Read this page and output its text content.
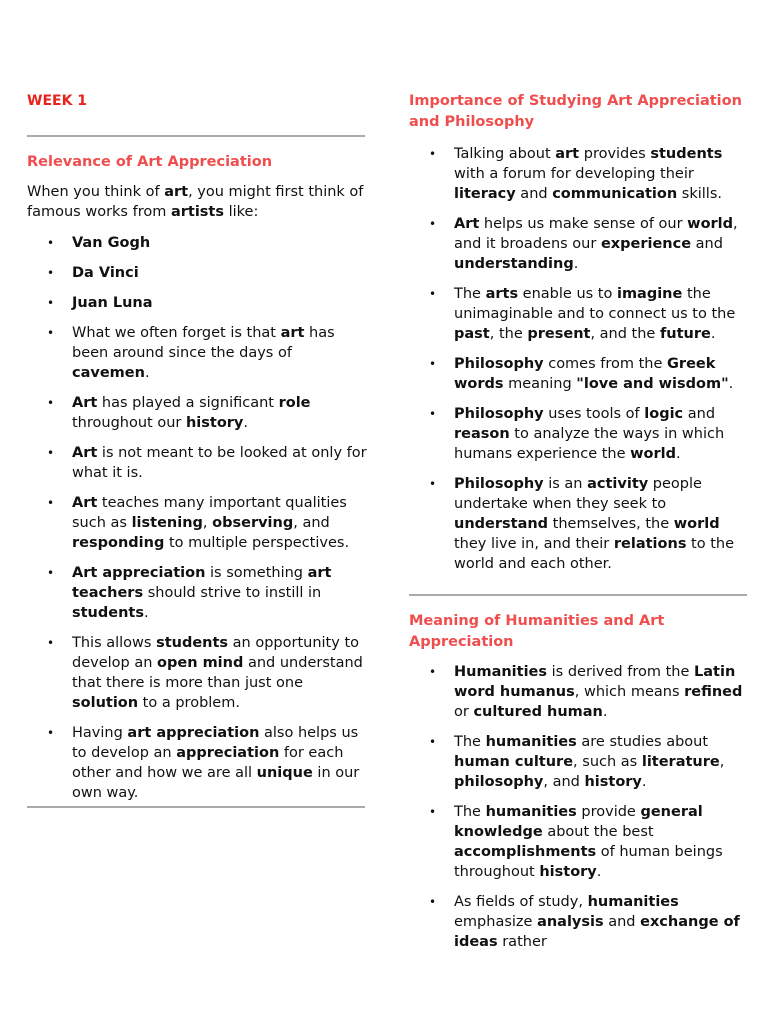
WEEK 1
Relevance of Art Appreciation

When you think of art, you might first think of famous works from artists like:

• Van Gogh
• Da Vinci
• Juan Luna
• What we often forget is that art has been around since the days of cavemen.
• Art has played a significant role throughout our history.
• Art is not meant to be looked at only for what it is.
• Art teaches many important qualities such as listening, observing, and responding to multiple perspectives.
• Art appreciation is something art teachers should strive to instill in students.
• This allows students an opportunity to develop an open mind and understand that there is more than just one solution to a problem.
• Having art appreciation also helps us to develop an appreciation for each other and how we are all unique in our own way.
Importance of Studying Art Appreciation and Philosophy
• Talking about art provides students with a forum for developing their literacy and communication skills.
• Art helps us make sense of our world, and it broadens our experience and understanding.
• The arts enable us to imagine the unimaginable and to connect us to the past, the present, and the future.
• Philosophy comes from the Greek words meaning "love and wisdom".
• Philosophy uses tools of logic and reason to analyze the ways in which humans experience the world.
• Philosophy is an activity people undertake when they seek to understand themselves, the world they live in, and their relations to the world and each other.
Meaning of Humanities and Art Appreciation
• Humanities is derived from the Latin word humanus, which means refined or cultured human.
• The humanities are studies about human culture, such as literature, philosophy, and history.
• The humanities provide general knowledge about the best accomplishments of human beings throughout history.
• As fields of study, humanities emphasize analysis and exchange of ideas rather
